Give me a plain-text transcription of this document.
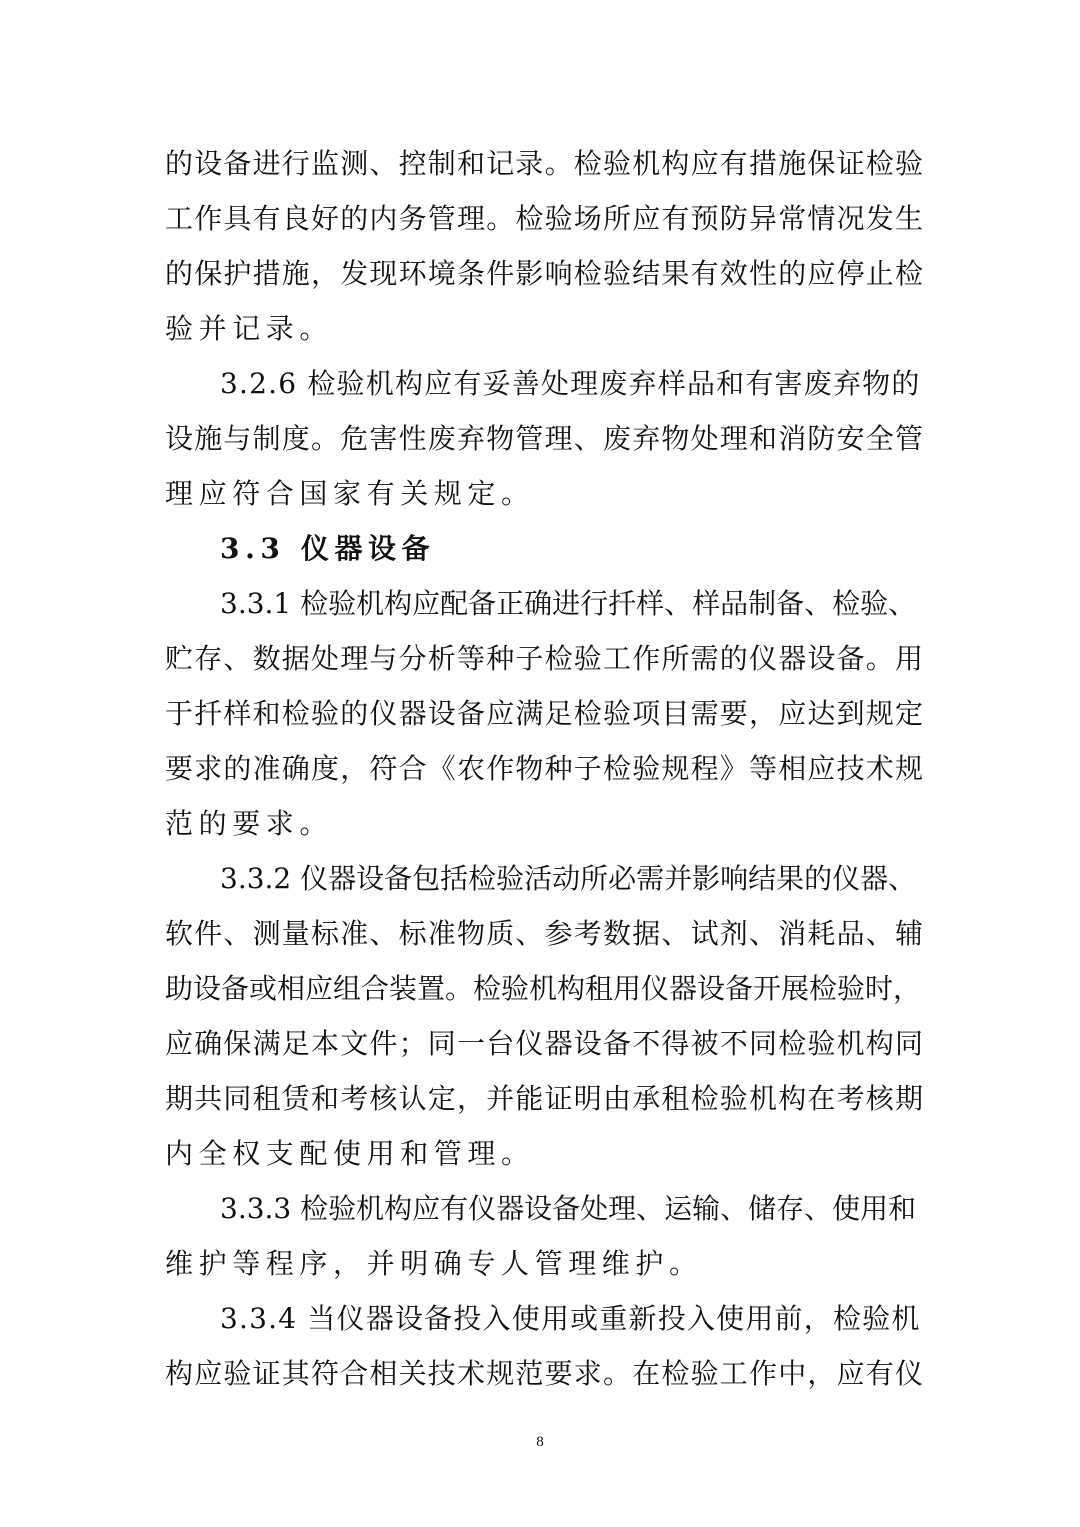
的设备进行监测、控制和记录。检验机构应有措施保证检验
工作具有良好的内务管理。检验场所应有预防异常情况发生
的保护措施，发现环境条件影响检验结果有效性的应停止检
验并记录。
3.2.6 检验机构应有妥善处理废弃样品和有害废弃物的
设施与制度。危害性废弃物管理、废弃物处理和消防安全管
理应符合国家有关规定。
3.3 仪器设备
3.3.1 检验机构应配备正确进行扦样、样品制备、检验、
贮存、数据处理与分析等种子检验工作所需的仪器设备。用
于扦样和检验的仪器设备应满足检验项目需要，应达到规定
要求的准确度，符合《农作物种子检验规程》等相应技术规
范的要求。
3.3.2 仪器设备包括检验活动所必需并影响结果的仪器、
软件、测量标准、标准物质、参考数据、试剂、消耗品、辅
助设备或相应组合装置。检验机构租用仪器设备开展检验时，
应确保满足本文件；同一台仪器设备不得被不同检验机构同
期共同租赁和考核认定，并能证明由承租检验机构在考核期
内全权支配使用和管理。
3.3.3 检验机构应有仪器设备处理、运输、储存、使用和
维护等程序，并明确专人管理维护。
3.3.4 当仪器设备投入使用或重新投入使用前，检验机
构应验证其符合相关技术规范要求。在检验工作中，应有仪
8
